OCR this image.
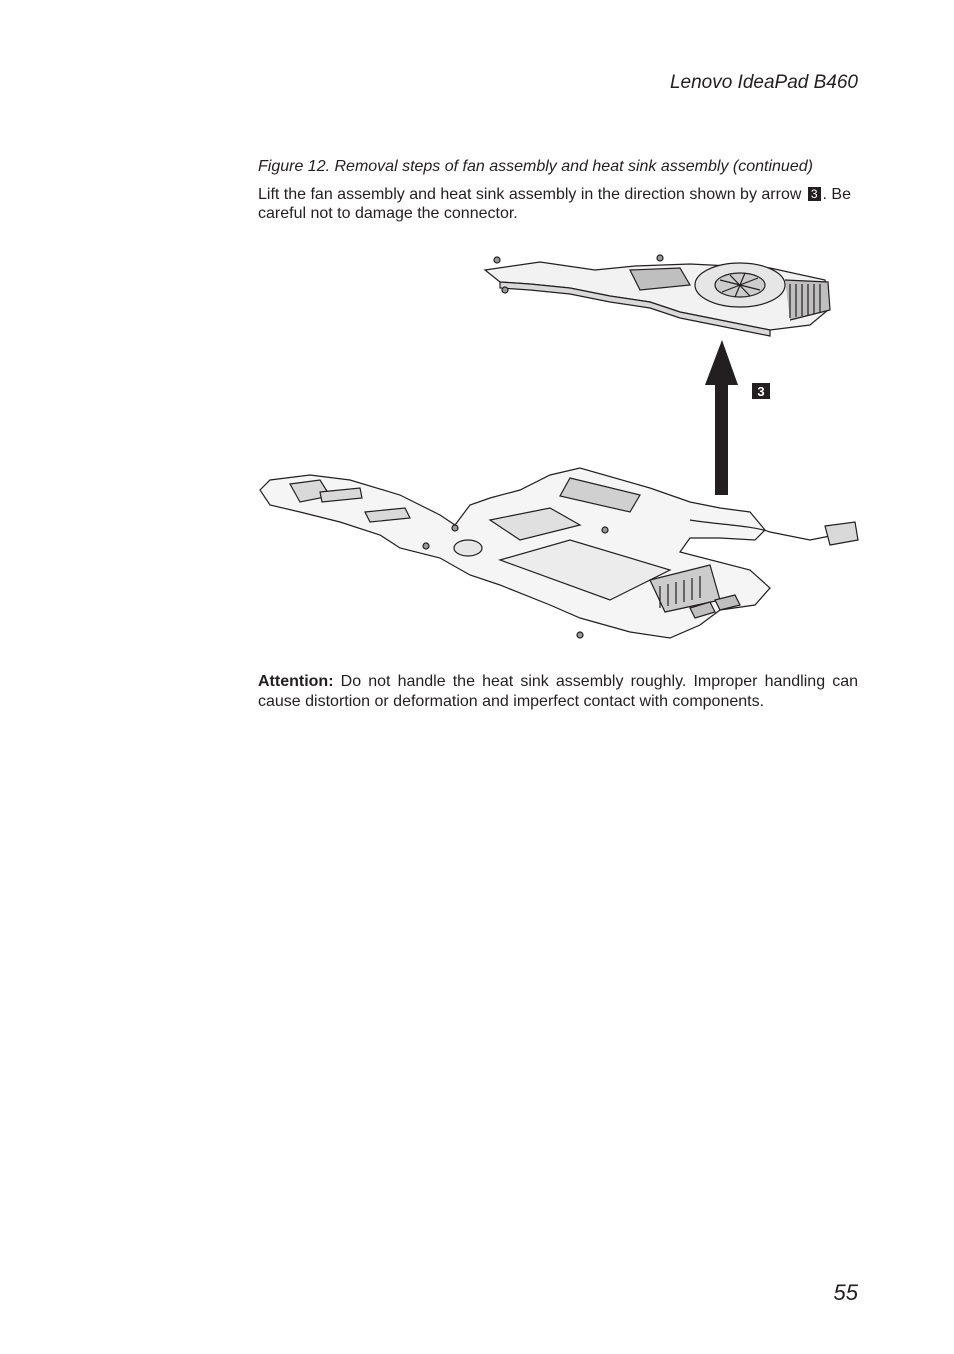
Lenovo IdeaPad B460
Figure 12. Removal steps of fan assembly and heat sink assembly (continued)
Lift the fan assembly and heat sink assembly in the direction shown by arrow 3 . Be careful not to damage the connector.
3
Attention: Do not handle the heat sink assembly roughly. Improper handling can cause distortion or deformation and imperfect contact with components.
55
